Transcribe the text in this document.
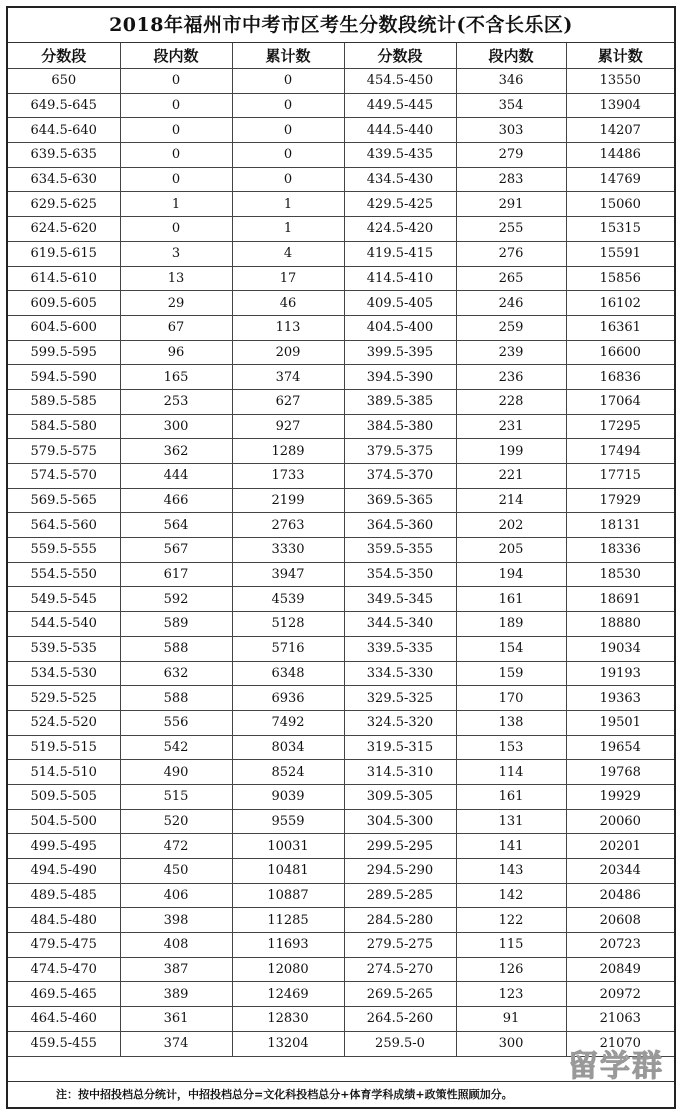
2018年福州市中考市区考生分数段统计(不含长乐区)
分数段	段内数	累计数	分数段	段内数	累计数
650	0	0	454.5-450	346	13550
649.5-645	0	0	449.5-445	354	13904
644.5-640	0	0	444.5-440	303	14207
639.5-635	0	0	439.5-435	279	14486
634.5-630	0	0	434.5-430	283	14769
629.5-625	1	1	429.5-425	291	15060
624.5-620	0	1	424.5-420	255	15315
619.5-615	3	4	419.5-415	276	15591
614.5-610	13	17	414.5-410	265	15856
609.5-605	29	46	409.5-405	246	16102
604.5-600	67	113	404.5-400	259	16361
599.5-595	96	209	399.5-395	239	16600
594.5-590	165	374	394.5-390	236	16836
589.5-585	253	627	389.5-385	228	17064
584.5-580	300	927	384.5-380	231	17295
579.5-575	362	1289	379.5-375	199	17494
574.5-570	444	1733	374.5-370	221	17715
569.5-565	466	2199	369.5-365	214	17929
564.5-560	564	2763	364.5-360	202	18131
559.5-555	567	3330	359.5-355	205	18336
554.5-550	617	3947	354.5-350	194	18530
549.5-545	592	4539	349.5-345	161	18691
544.5-540	589	5128	344.5-340	189	18880
539.5-535	588	5716	339.5-335	154	19034
534.5-530	632	6348	334.5-330	159	19193
529.5-525	588	6936	329.5-325	170	19363
524.5-520	556	7492	324.5-320	138	19501
519.5-515	542	8034	319.5-315	153	19654
514.5-510	490	8524	314.5-310	114	19768
509.5-505	515	9039	309.5-305	161	19929
504.5-500	520	9559	304.5-300	131	20060
499.5-495	472	10031	299.5-295	141	20201
494.5-490	450	10481	294.5-290	143	20344
489.5-485	406	10887	289.5-285	142	20486
484.5-480	398	11285	284.5-280	122	20608
479.5-475	408	11693	279.5-275	115	20723
474.5-470	387	12080	274.5-270	126	20849
469.5-465	389	12469	269.5-265	123	20972
464.5-460	361	12830	264.5-260	91	21063
459.5-455	374	13204	259.5-0	300	21070
注：按中招投档总分统计，中招投档总分=文化科投档总分+体育学科成绩+政策性照顾加分。
留学群
